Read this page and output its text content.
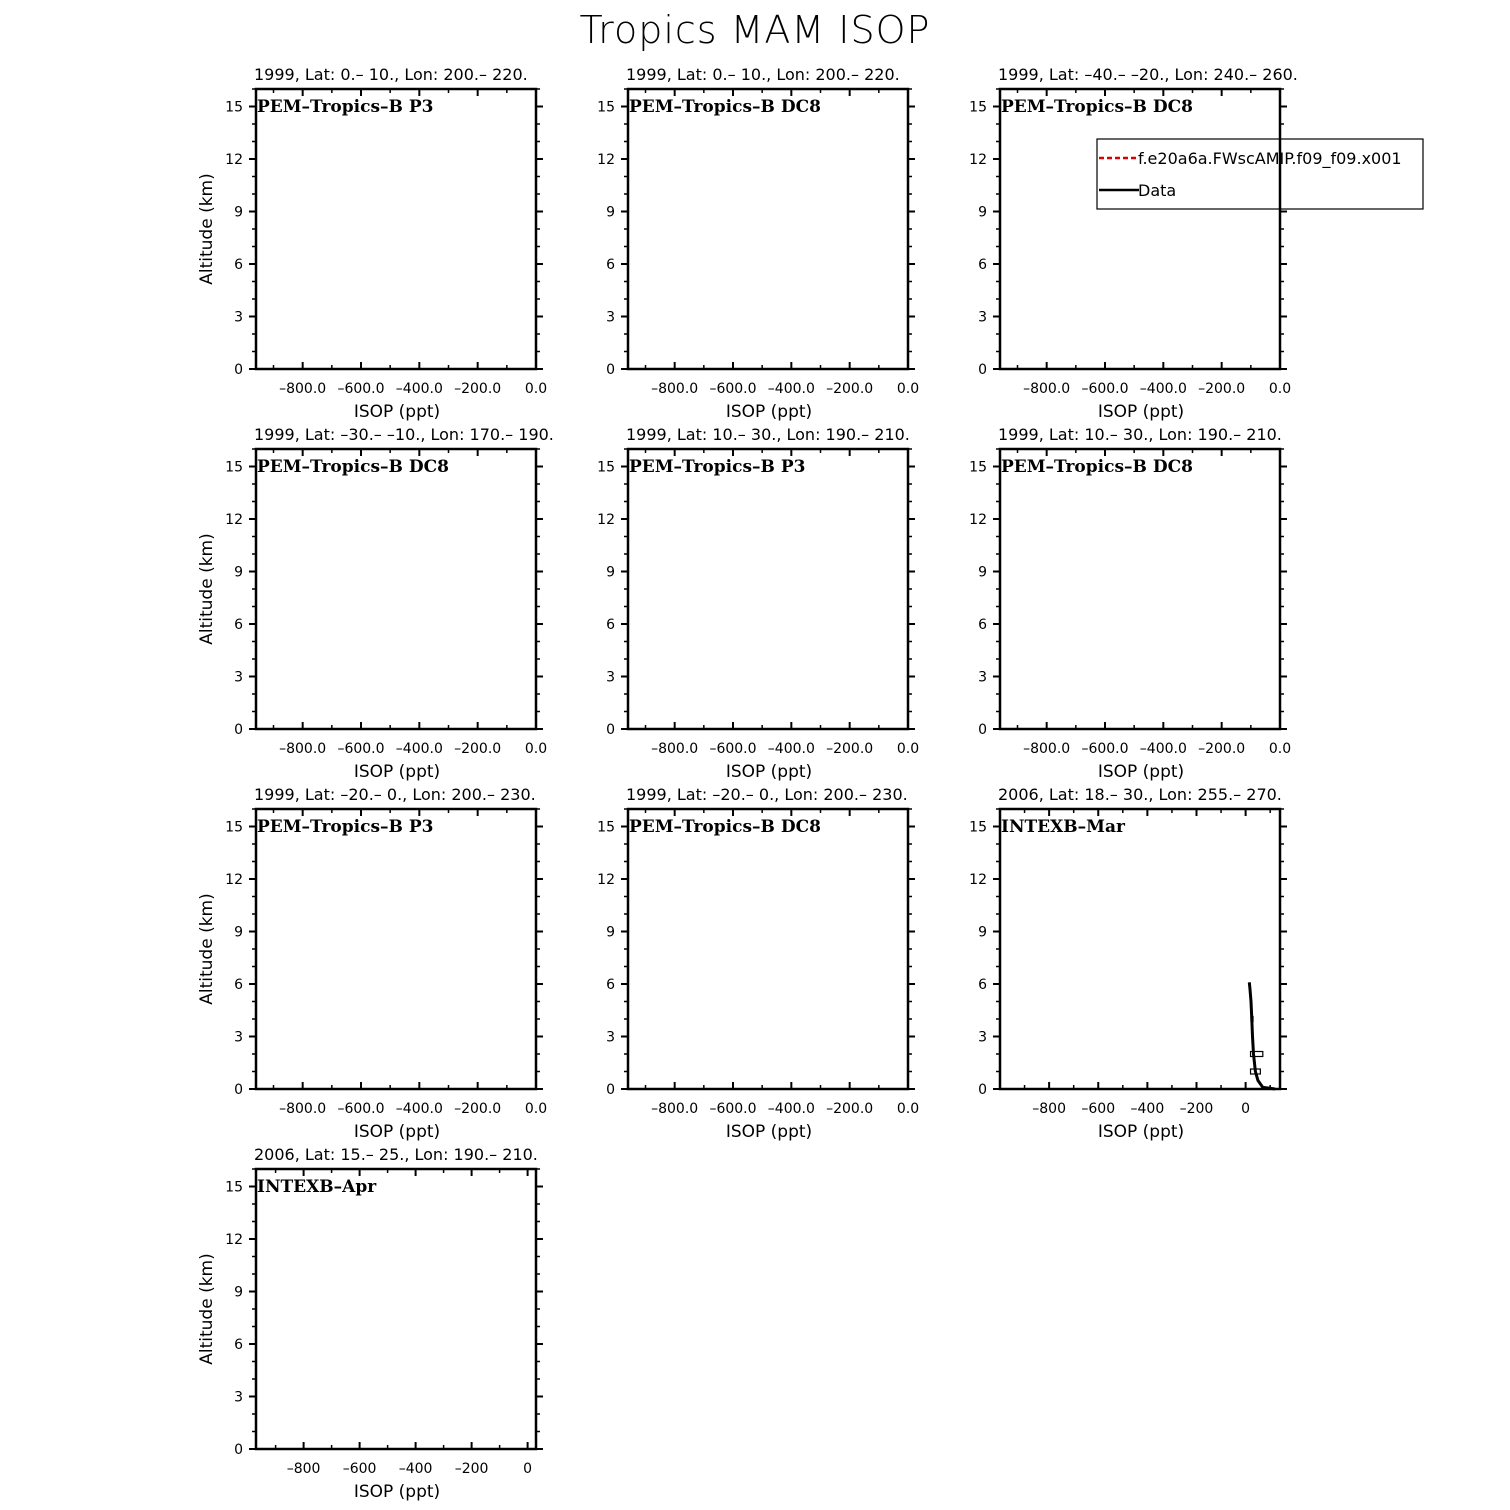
Tropics MAM ISOP
1999, Lat: 0.– 10., Lon: 200.– 220.
PEM–Tropics–B P3
0
3
6
9
12
15
–800.0 –600.0 –400.0 –200.0 0.0
ISOP (ppt)
Altitude (km)
1999, Lat: 0.– 10., Lon: 200.– 220.
PEM–Tropics–B DC8
0
3
6
9
12
15
–800.0 –600.0 –400.0 –200.0 0.0
ISOP (ppt)
1999, Lat: –40.– –20., Lon: 240.– 260.
PEM–Tropics–B DC8
0
3
6
9
12
15
–800.0 –600.0 –400.0 –200.0 0.0
ISOP (ppt)
f.e20a6a.FWscAMIP.f09_f09.x001
Data
1999, Lat: –30.– –10., Lon: 170.– 190.
PEM–Tropics–B DC8
0
3
6
9
12
15
–800.0 –600.0 –400.0 –200.0 0.0
ISOP (ppt)
Altitude (km)
1999, Lat: 10.– 30., Lon: 190.– 210.
PEM–Tropics–B P3
0
3
6
9
12
15
–800.0 –600.0 –400.0 –200.0 0.0
ISOP (ppt)
1999, Lat: 10.– 30., Lon: 190.– 210.
PEM–Tropics–B DC8
0
3
6
9
12
15
–800.0 –600.0 –400.0 –200.0 0.0
ISOP (ppt)
1999, Lat: –20.– 0., Lon: 200.– 230.
PEM–Tropics–B P3
0
3
6
9
12
15
–800.0 –600.0 –400.0 –200.0 0.0
ISOP (ppt)
Altitude (km)
1999, Lat: –20.– 0., Lon: 200.– 230.
PEM–Tropics–B DC8
0
3
6
9
12
15
–800.0 –600.0 –400.0 –200.0 0.0
ISOP (ppt)
2006, Lat: 18.– 30., Lon: 255.– 270.
INTEXB–Mar
0
3
6
9
12
15
–800 –600 –400 –200 0
ISOP (ppt)
2006, Lat: 15.– 25., Lon: 190.– 210.
INTEXB–Apr
0
3
6
9
12
15
–800 –600 –400 –200 0
ISOP (ppt)
Altitude (km)
